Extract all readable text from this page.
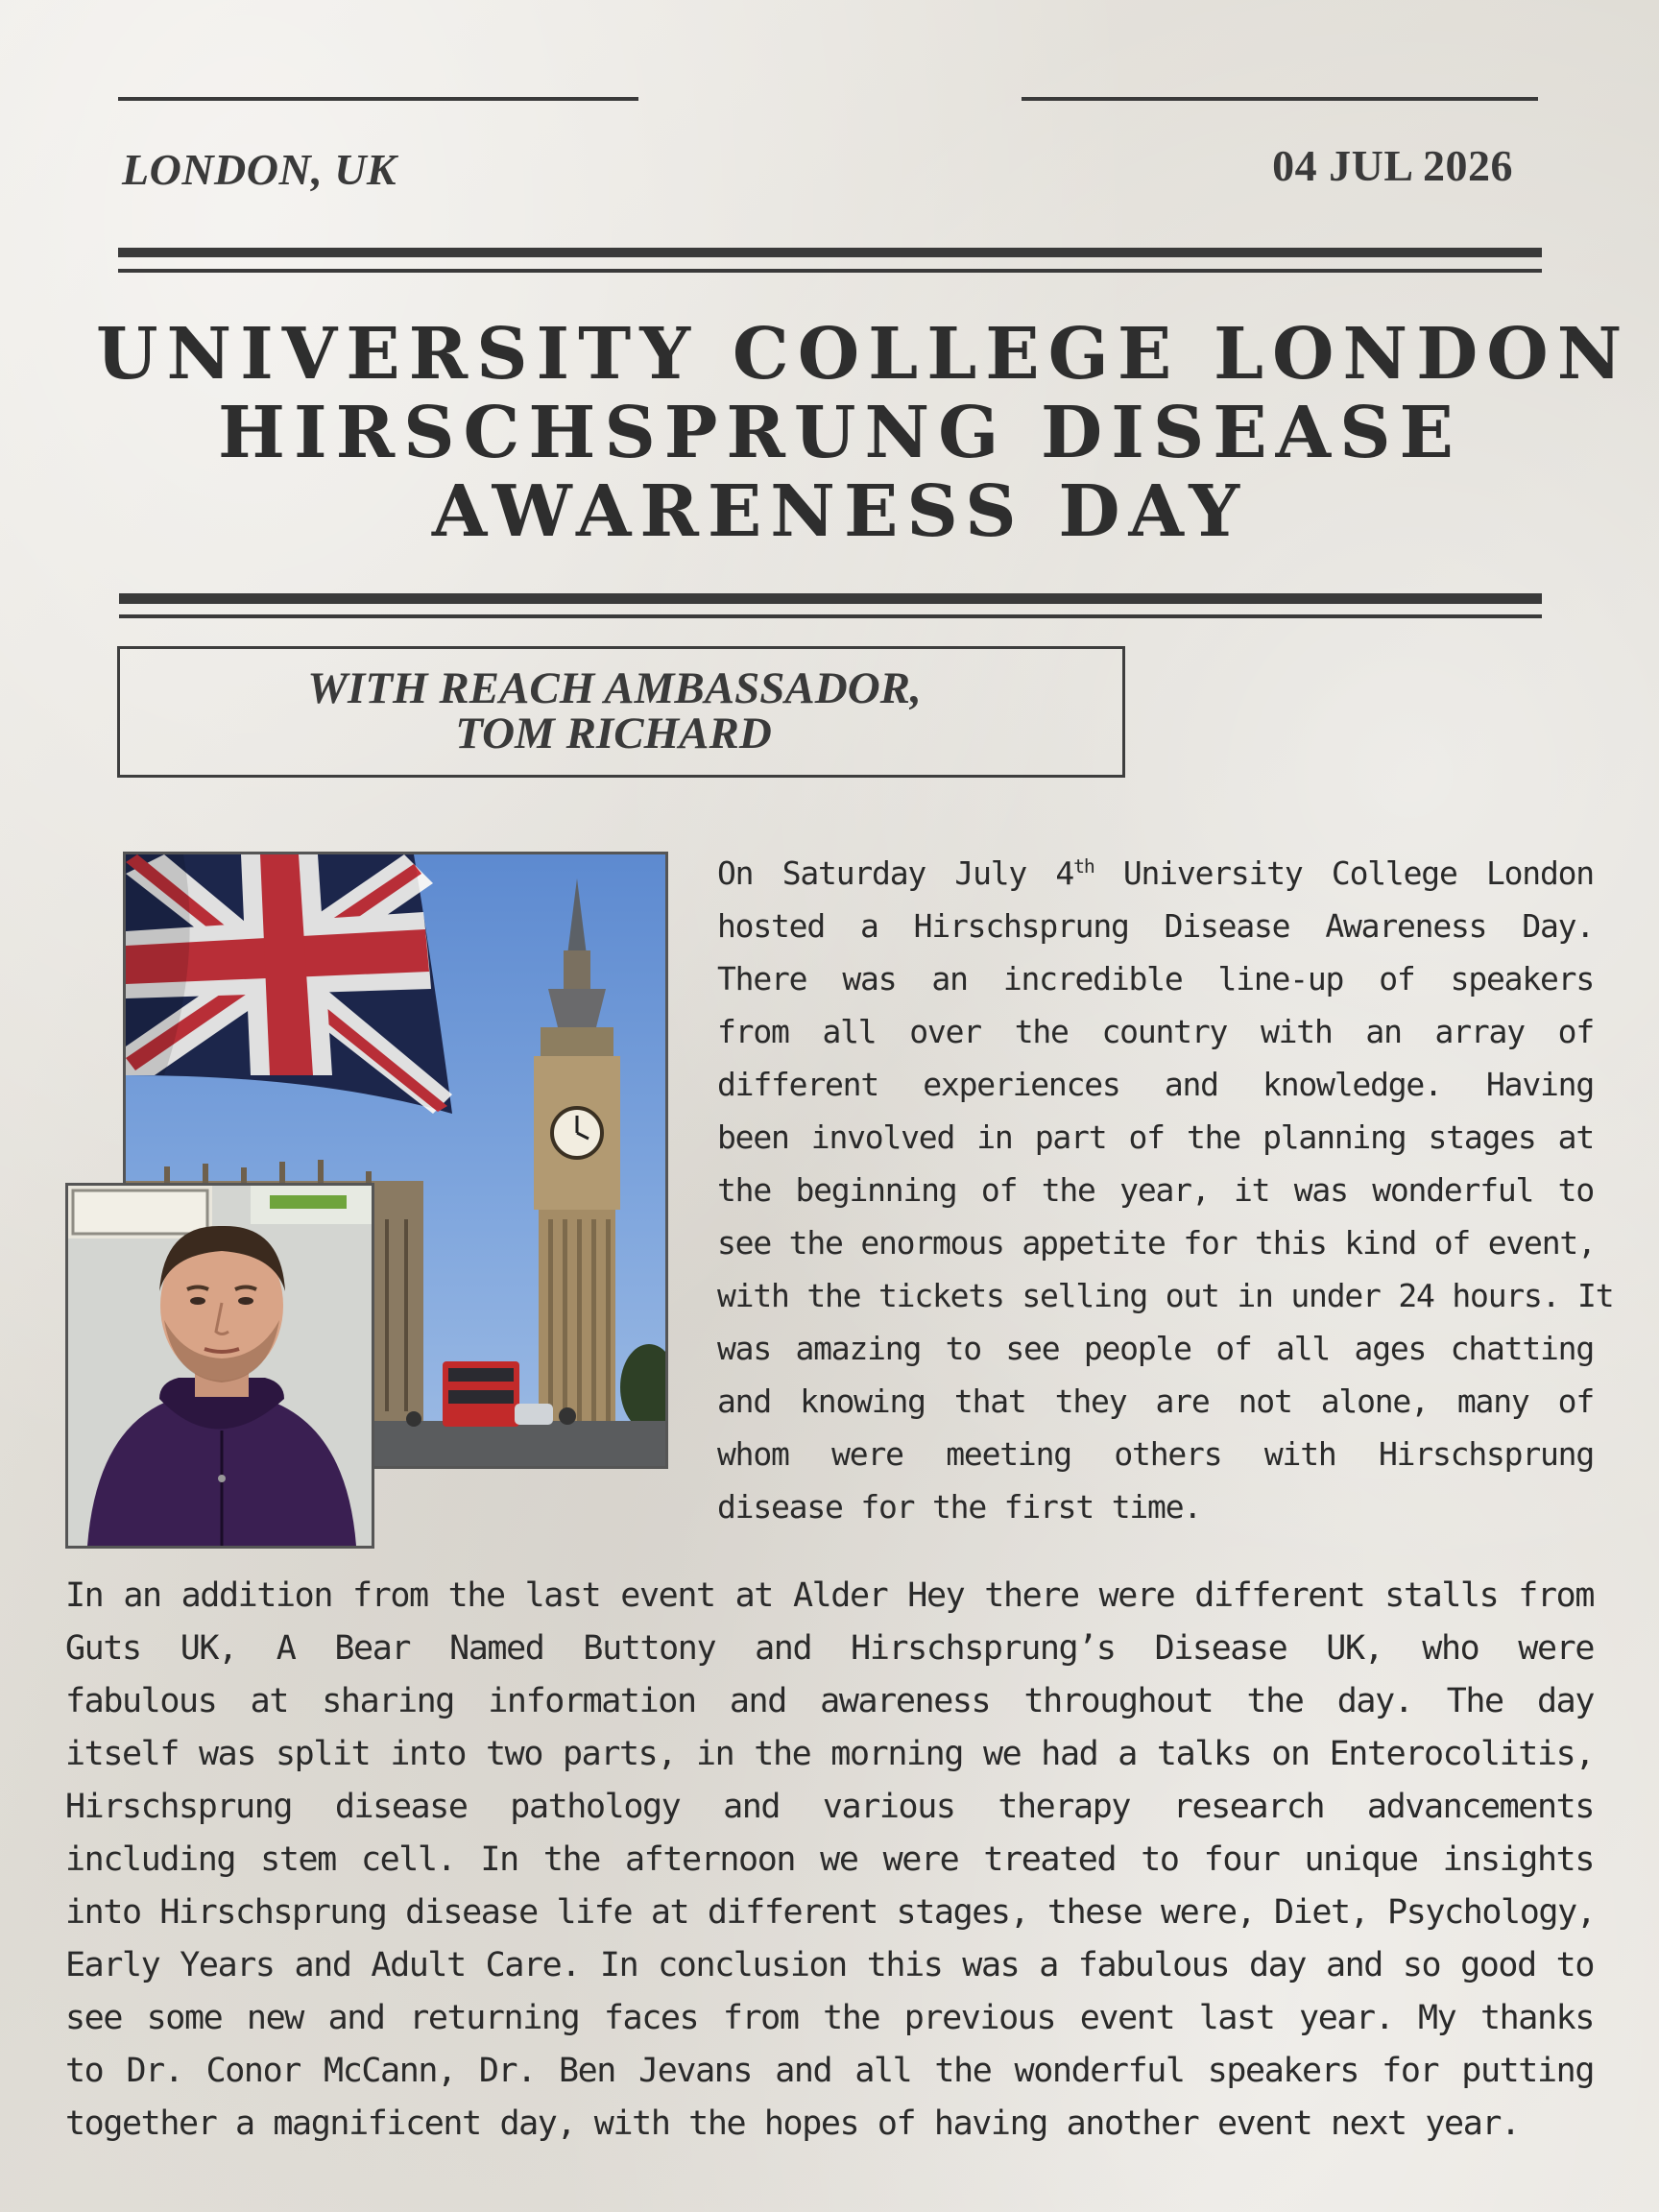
LONDON, UK	04 JUL 2026
UNIVERSITY COLLEGE LONDON
HIRSCHSPRUNG DISEASE
AWARENESS DAY
WITH REACH AMBASSADOR,
TOM RICHARD
On Saturday July 4th University College London
hosted a Hirschsprung Disease Awareness Day.
There was an incredible line-up of speakers
from all over the country with an array of
different experiences and knowledge. Having
been involved in part of the planning stages at
the beginning of the year, it was wonderful to
see the enormous appetite for this kind of event,
with the tickets selling out in under 24 hours. It
was amazing to see people of all ages chatting
and knowing that they are not alone, many of
whom were meeting others with Hirschsprung
disease for the first time.
In an addition from the last event at Alder Hey there were different stalls from
Guts UK, A Bear Named Buttony and Hirschsprung’s Disease UK, who were
fabulous at sharing information and awareness throughout the day. The day
itself was split into two parts, in the morning we had a talks on Enterocolitis,
Hirschsprung disease pathology and various therapy research advancements
including stem cell. In the afternoon we were treated to four unique insights
into Hirschsprung disease life at different stages, these were, Diet, Psychology,
Early Years and Adult Care. In conclusion this was a fabulous day and so good to
see some new and returning faces from the previous event last year. My thanks
to Dr. Conor McCann, Dr. Ben Jevans and all the wonderful speakers for putting
together a magnificent day, with the hopes of having another event next year.
